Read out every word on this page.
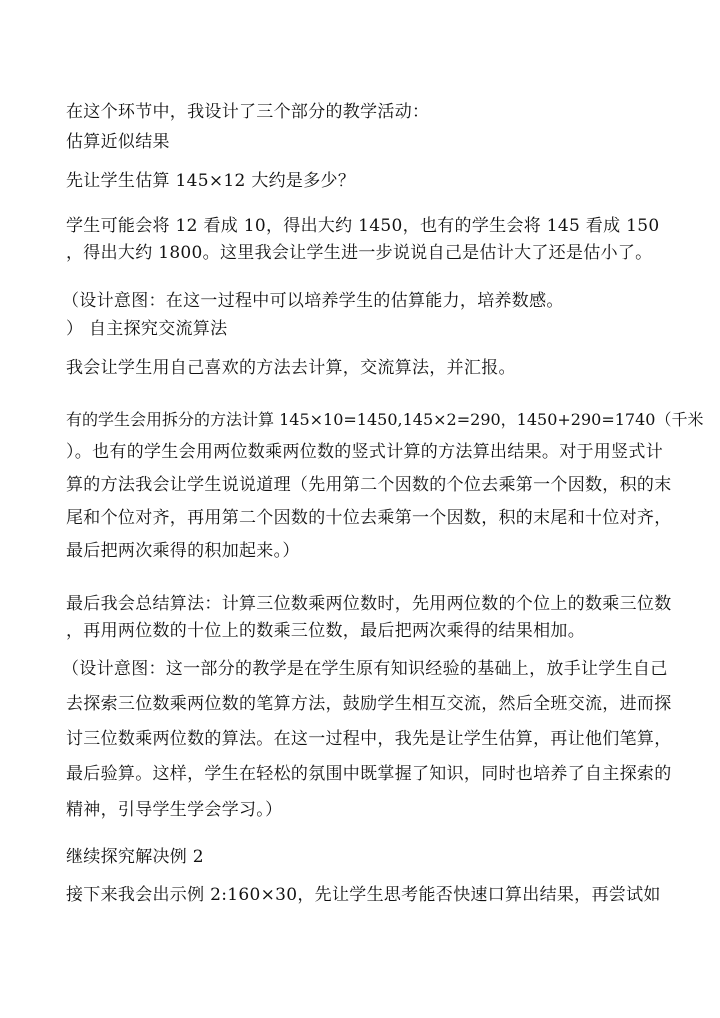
在这个环节中，我设计了三个部分的教学活动：
估算近似结果
先让学生估算 145×12 大约是多少？
学生可能会将 12 看成 10，得出大约 1450，也有的学生会将 145 看成 150
，得出大约 1800。这里我会让学生进一步说说自己是估计大了还是估小了。
（设计意图：在这一过程中可以培养学生的估算能力，培养数感。
） 自主探究交流算法
我会让学生用自己喜欢的方法去计算，交流算法，并汇报。
有的学生会用拆分的方法计算 145×10=1450,145×2=290，1450+290=1740（千米
）。也有的学生会用两位数乘两位数的竖式计算的方法算出结果。对于用竖式计
算的方法我会让学生说说道理（先用第二个因数的个位去乘第一个因数，积的末
尾和个位对齐，再用第二个因数的十位去乘第一个因数，积的末尾和十位对齐，
最后把两次乘得的积加起来。）
最后我会总结算法：计算三位数乘两位数时，先用两位数的个位上的数乘三位数
，再用两位数的十位上的数乘三位数，最后把两次乘得的结果相加。
（设计意图：这一部分的教学是在学生原有知识经验的基础上，放手让学生自己
去探索三位数乘两位数的笔算方法，鼓励学生相互交流，然后全班交流，进而探
讨三位数乘两位数的算法。在这一过程中，我先是让学生估算，再让他们笔算，
最后验算。这样，学生在轻松的氛围中既掌握了知识，同时也培养了自主探索的
精神，引导学生学会学习。）
继续探究解决例 2
接下来我会出示例 2:160×30，先让学生思考能否快速口算出结果，再尝试如
